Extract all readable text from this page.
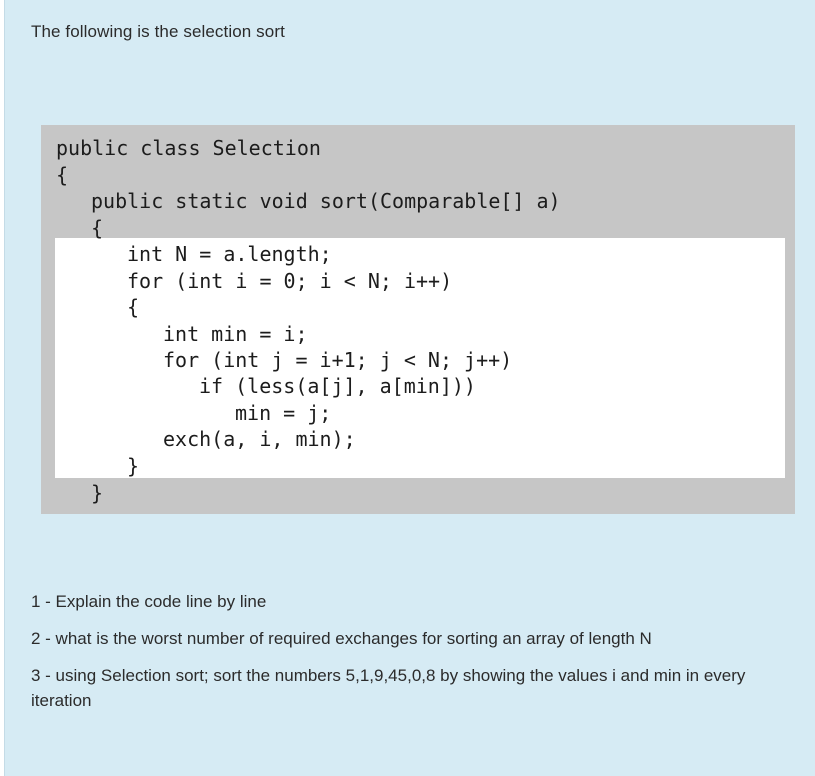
The following is the selection sort
public class Selection
{
public static void sort(Comparable[] a)
{
int N = a.length;
for (int i = 0; i < N; i++)
{
int min = i;
for (int j = i+1; j < N; j++)
if (less(a[j], a[min]))
min = j;
exch(a, i, min);
}
}
1 - Explain the code line by line
2 - what is the worst number of required exchanges for sorting an array of length N
3 - using Selection sort; sort the numbers 5,1,9,45,0,8 by showing the values i and min in every iteration
